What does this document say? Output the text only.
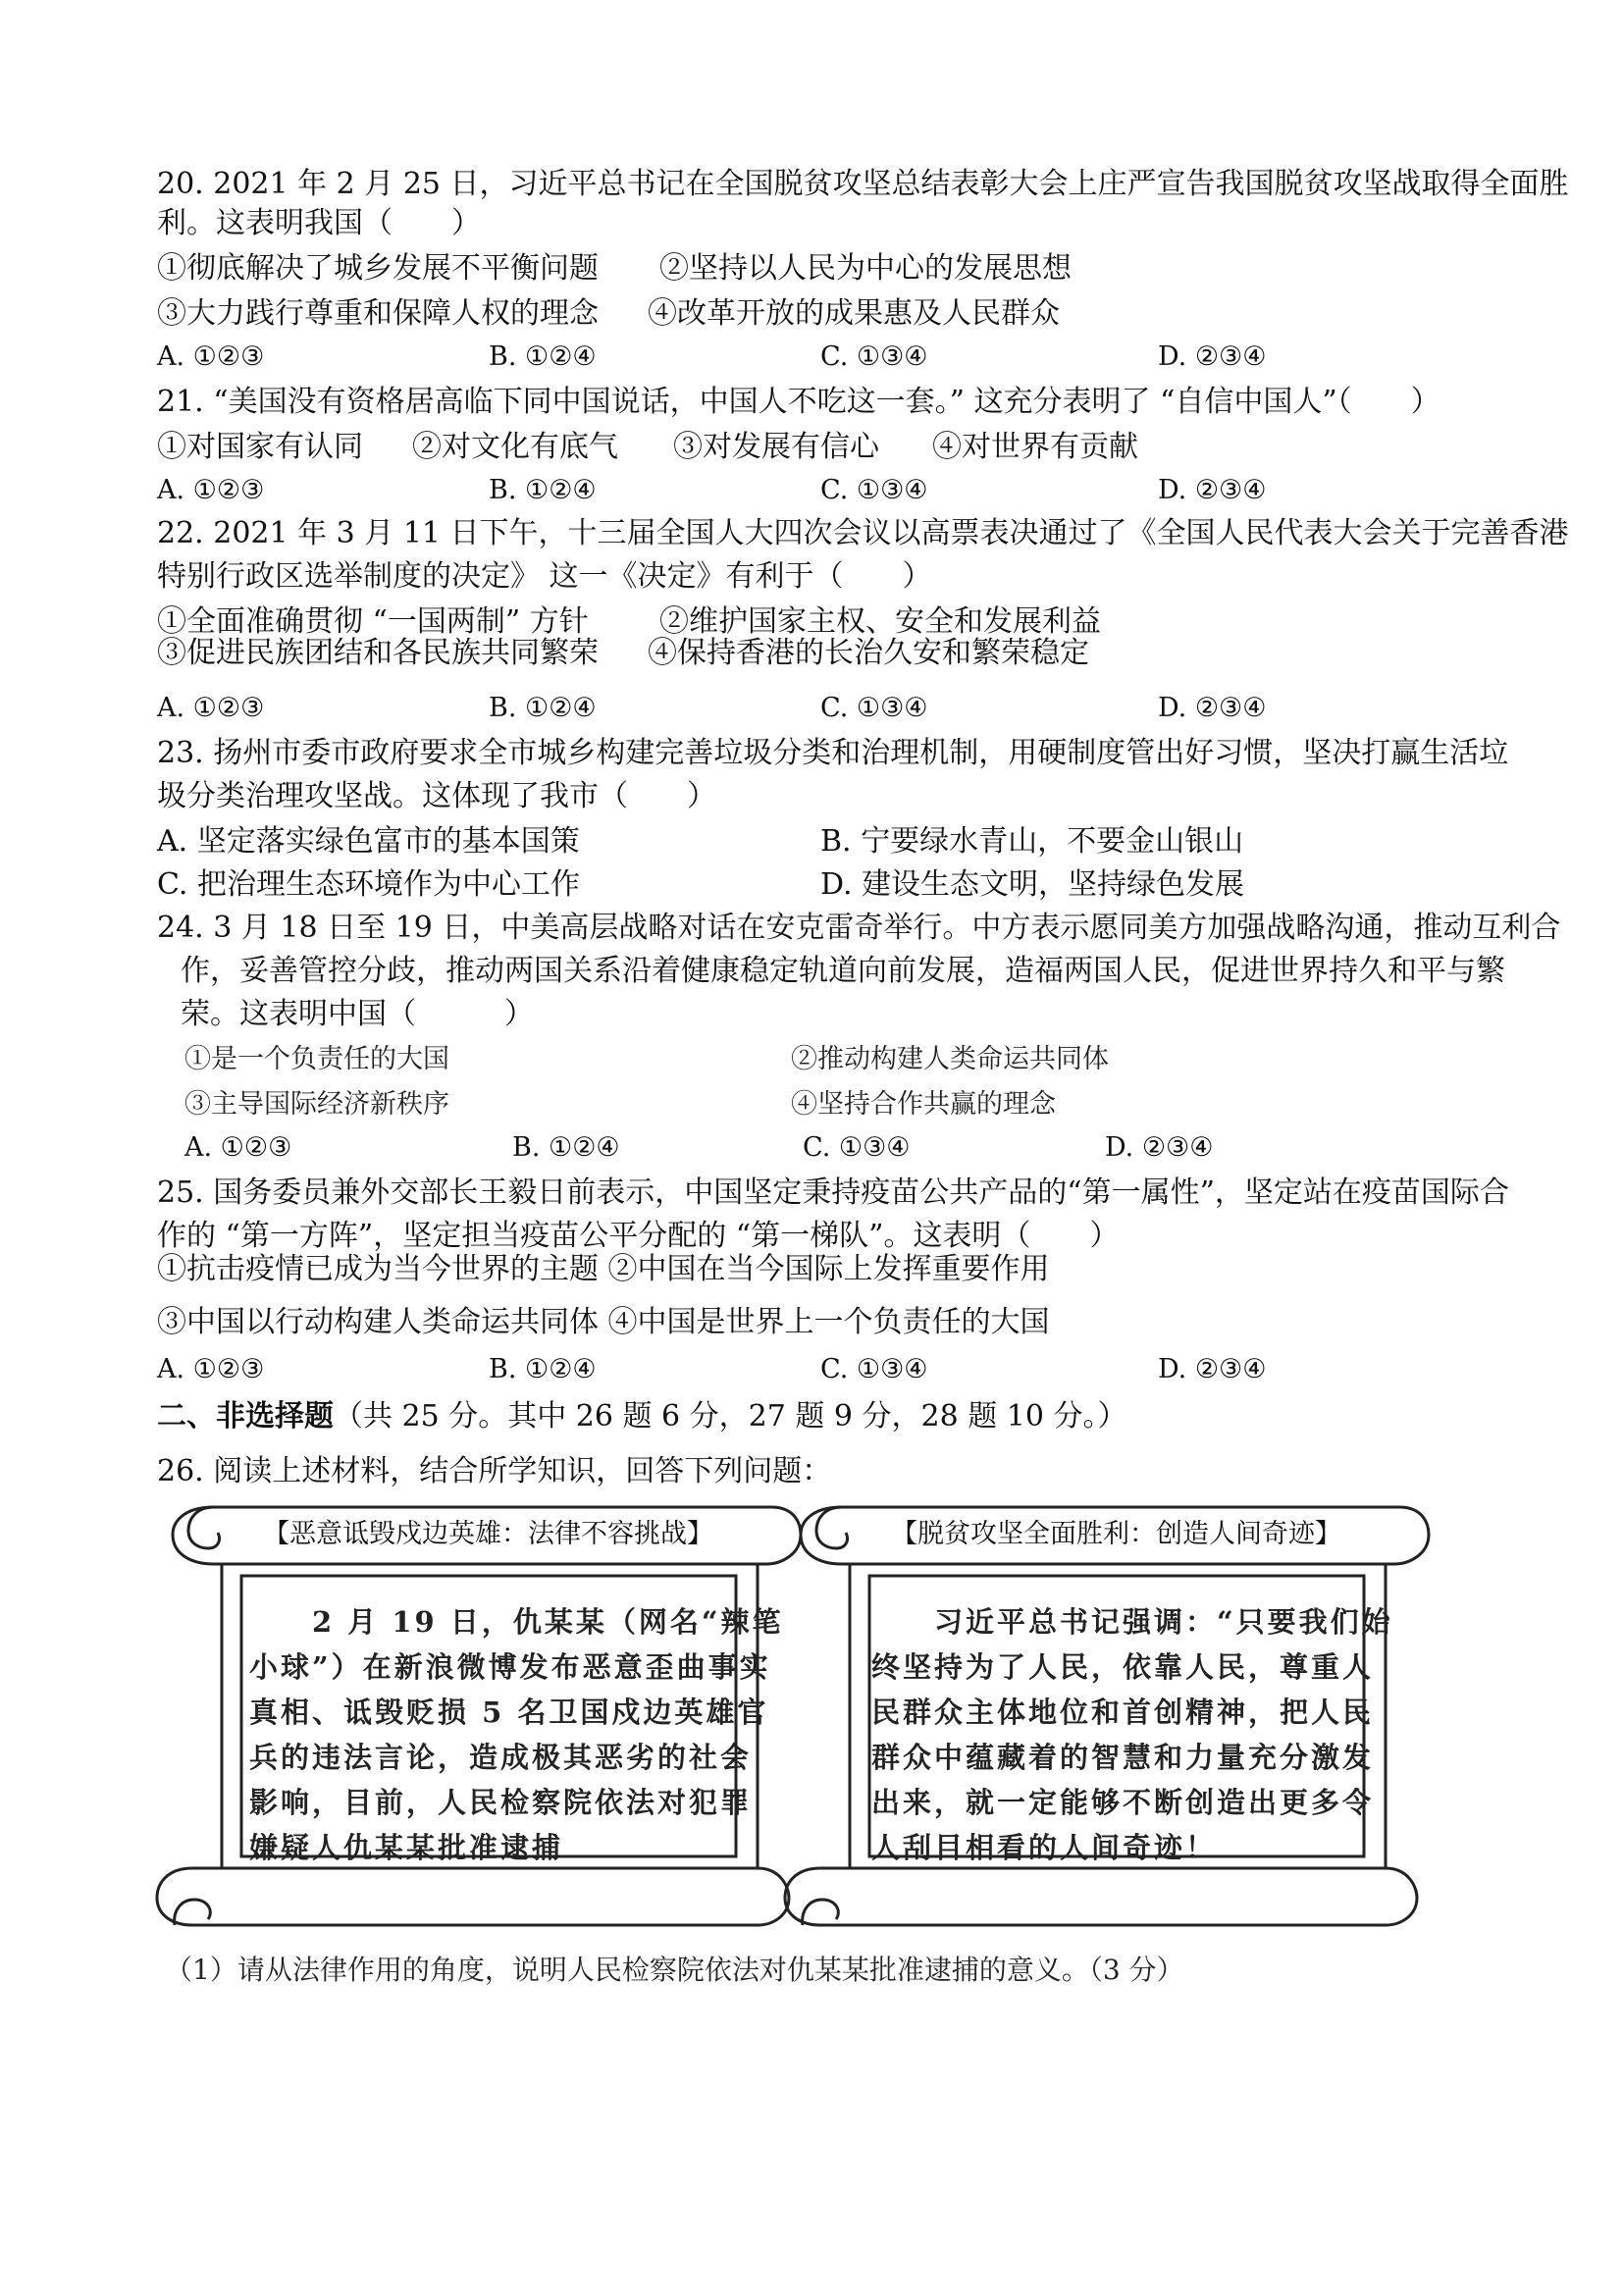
20. 2021 年 2 月 25 日，习近平总书记在全国脱贫攻坚总结表彰大会上庄严宣告我国脱贫攻坚战取得全面胜
利。这表明我国（　　）
①彻底解决了城乡发展不平衡问题 ②坚持以人民为中心的发展思想
③大力践行尊重和保障人权的理念 ④改革开放的成果惠及人民群众
A. ①②③	B. ①②④	C. ①③④	D. ②③④
21. “美国没有资格居高临下同中国说话，中国人不吃这一套。” 这充分表明了 “自信中国人”（　　）
①对国家有认同 ②对文化有底气 ③对发展有信心 ④对世界有贡献
A. ①②③	B. ①②④	C. ①③④	D. ②③④
22. 2021 年 3 月 11 日下午，十三届全国人大四次会议以高票表决通过了《全国人民代表大会关于完善香港
特别行政区选举制度的决定》 这一《决定》有利于（　　）
①全面准确贯彻 “一国两制” 方针 ②维护国家主权、安全和发展利益
③促进民族团结和各民族共同繁荣 ④保持香港的长治久安和繁荣稳定
A. ①②③	B. ①②④	C. ①③④	D. ②③④
23. 扬州市委市政府要求全市城乡构建完善垃圾分类和治理机制，用硬制度管出好习惯，坚决打赢生活垃
圾分类治理攻坚战。这体现了我市（　　）
A. 坚定落实绿色富市的基本国策	B. 宁要绿水青山，不要金山银山
C. 把治理生态环境作为中心工作	D. 建设生态文明，坚持绿色发展
24. 3 月 18 日至 19 日，中美高层战略对话在安克雷奇举行。中方表示愿同美方加强战略沟通，推动互利合
作，妥善管控分歧，推动两国关系沿着健康稳定轨道向前发展，造福两国人民，促进世界持久和平与繁
荣。这表明中国（　　　）
①是一个负责任的大国	②推动构建人类命运共同体
③主导国际经济新秩序	④坚持合作共赢的理念
A. ①②③	B. ①②④	C. ①③④	D. ②③④
25. 国务委员兼外交部长王毅日前表示，中国坚定秉持疫苗公共产品的“第一属性”，坚定站在疫苗国际合
作的 “第一方阵”，坚定担当疫苗公平分配的 “第一梯队”。这表明（　　）
①抗击疫情已成为当今世界的主题 ②中国在当今国际上发挥重要作用
③中国以行动构建人类命运共同体 ④中国是世界上一个负责任的大国
A. ①②③	B. ①②④	C. ①③④	D. ②③④
二、非选择题（共 25 分。其中 26 题 6 分，27 题 9 分，28 题 10 分。）
26. 阅读上述材料，结合所学知识，回答下列问题：
【恶意诋毁戍边英雄：法律不容挑战】
　　2 月 19 日，仇某某（网名“辣笔
小球”）在新浪微博发布恶意歪曲事实
真相、诋毁贬损 5 名卫国戍边英雄官
兵的违法言论，造成极其恶劣的社会
影响，目前，人民检察院依法对犯罪
嫌疑人仇某某批准逮捕
【脱贫攻坚全面胜利：创造人间奇迹】
　　习近平总书记强调：“只要我们始
终坚持为了人民，依靠人民，尊重人
民群众主体地位和首创精神，把人民
群众中蕴藏着的智慧和力量充分激发
出来，就一定能够不断创造出更多令
人刮目相看的人间奇迹！
（1）请从法律作用的角度，说明人民检察院依法对仇某某批准逮捕的意义。（3 分）
